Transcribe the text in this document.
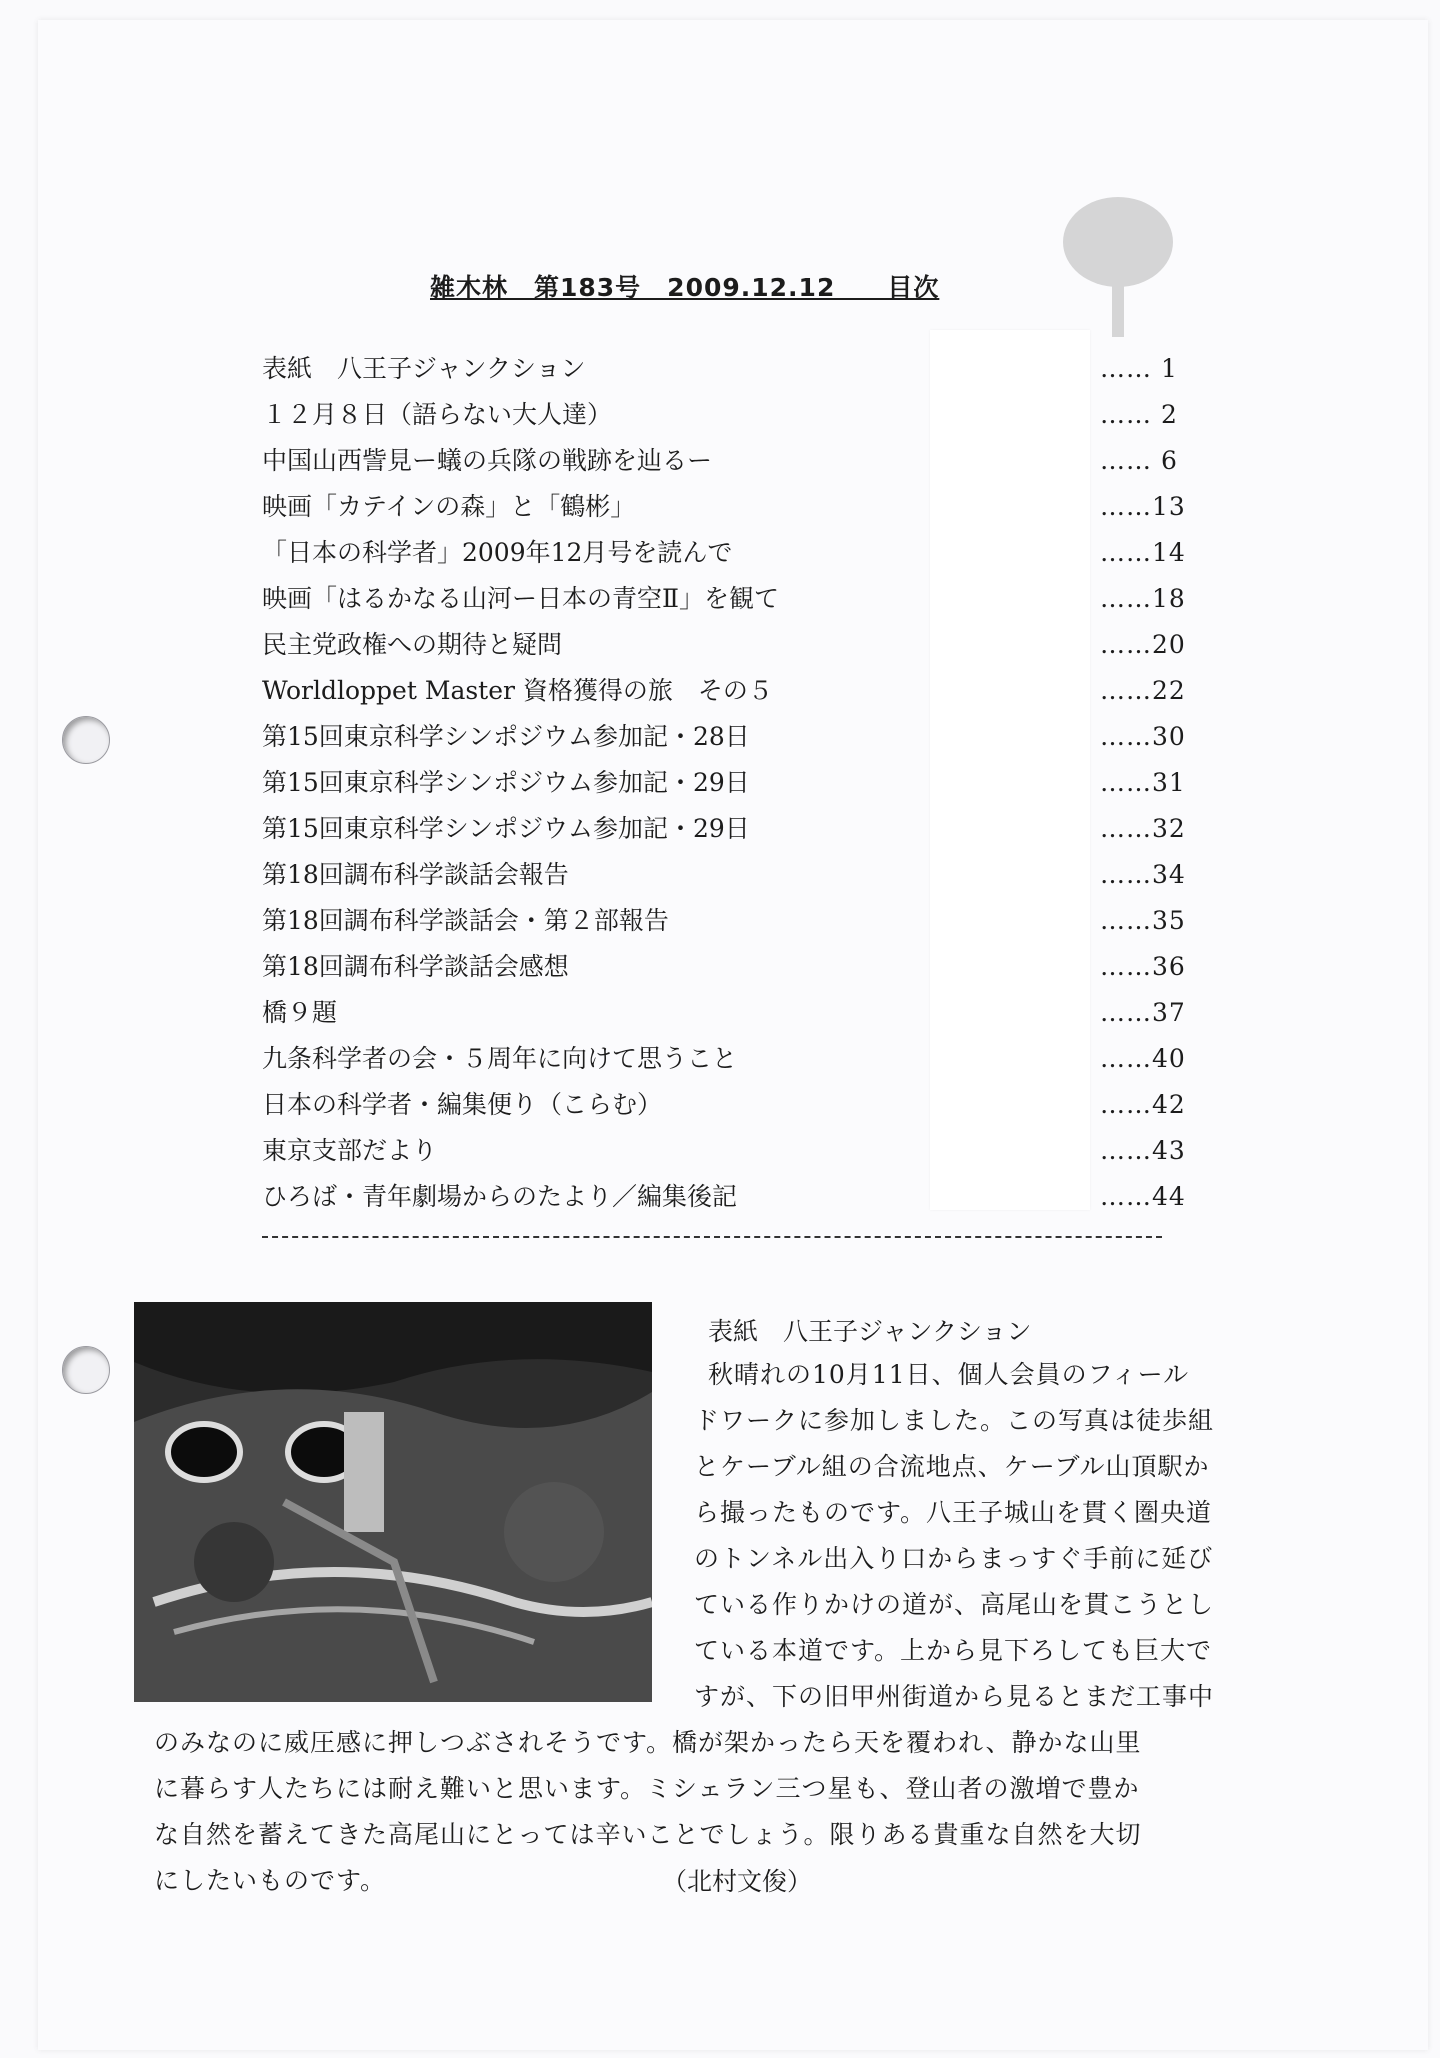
雑木林　第183号　2009.12.12　　目次
表紙　八王子ジャンクション	…… 1
１２月８日（語らない大人達）	…… 2
中国山西訾見ー蟻の兵隊の戦跡を辿るー	…… 6
映画「カテインの森」と「鶴彬」	……13
「日本の科学者」2009年12月号を読んで	……14
映画「はるかなる山河ー日本の青空Ⅱ」を観て	……18
民主党政権への期待と疑問	……20
Worldloppet Master 資格獲得の旅　その５	……22
第15回東京科学シンポジウム参加記・28日	……30
第15回東京科学シンポジウム参加記・29日	……31
第15回東京科学シンポジウム参加記・29日	……32
第18回調布科学談話会報告	……34
第18回調布科学談話会・第２部報告	……35
第18回調布科学談話会感想	……36
橋９題	……37
九条科学者の会・５周年に向けて思うこと	……40
日本の科学者・編集便り（こらむ）	……42
東京支部だより	……43
ひろば・青年劇場からのたより／編集後記	……44
表紙　八王子ジャンクション
秋晴れの10月11日、個人会員のフィール
ドワークに参加しました。この写真は徒歩組
とケーブル組の合流地点、ケーブル山頂駅か
ら撮ったものです。八王子城山を貫く圏央道
のトンネル出入り口からまっすぐ手前に延び
ている作りかけの道が、高尾山を貫こうとし
ている本道です。上から見下ろしても巨大で
すが、下の旧甲州街道から見るとまだ工事中
のみなのに威圧感に押しつぶされそうです。橋が架かったら天を覆われ、静かな山里
に暮らす人たちには耐え難いと思います。ミシェラン三つ星も、登山者の激増で豊か
な自然を蓄えてきた高尾山にとっては辛いことでしょう。限りある貴重な自然を大切
にしたいものです。	（北村文俊）
